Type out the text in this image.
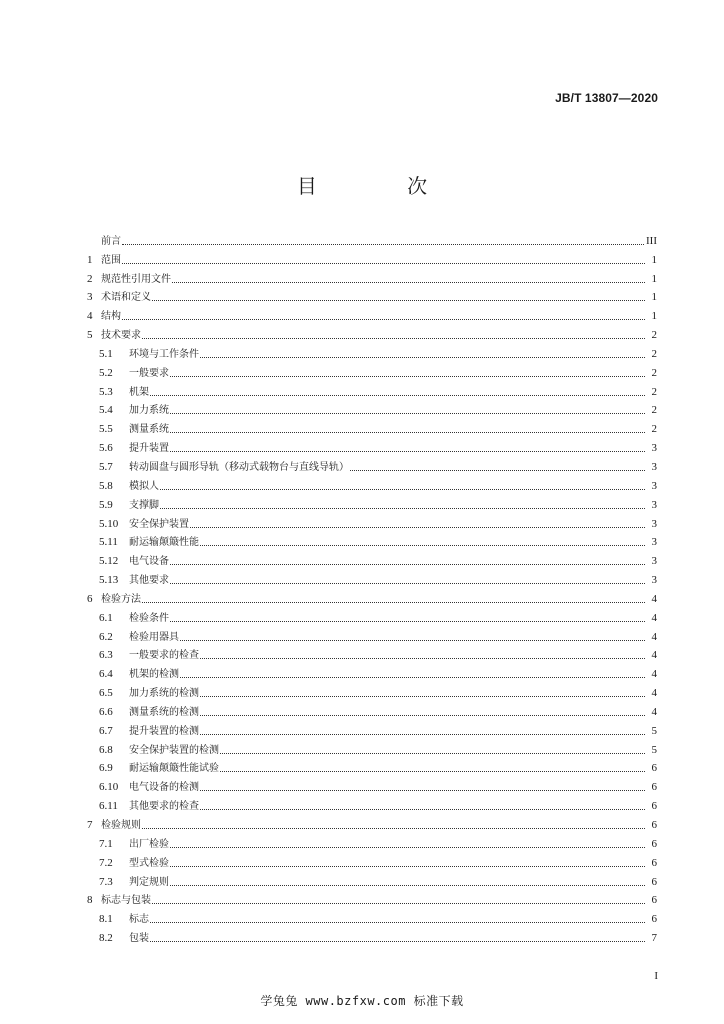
JB/T 13807—2020
目 次
前言	III
1 范围	1
2 规范性引用文件	1
3 术语和定义	1
4 结构	1
5 技术要求	2
5.1	环境与工作条件	2
5.2	一般要求	2
5.3	机架	2
5.4	加力系统	2
5.5	测量系统	2
5.6	提升装置	3
5.7	转动圆盘与圆形导轨（移动式载物台与直线导轨）	3
5.8	模拟人	3
5.9	支撑脚	3
5.10	安全保护装置	3
5.11	耐运输颠簸性能	3
5.12	电气设备	3
5.13	其他要求	3
6 检验方法	4
6.1	检验条件	4
6.2	检验用器具	4
6.3	一般要求的检查	4
6.4	机架的检测	4
6.5	加力系统的检测	4
6.6	测量系统的检测	4
6.7	提升装置的检测	5
6.8	安全保护装置的检测	5
6.9	耐运输颠簸性能试验	6
6.10	电气设备的检测	6
6.11	其他要求的检查	6
7 检验规则	6
7.1	出厂检验	6
7.2	型式检验	6
7.3	判定规则	6
8 标志与包装	6
8.1	标志	6
8.2	包装	7
I
学兔兔 www.bzfxw.com 标准下载
